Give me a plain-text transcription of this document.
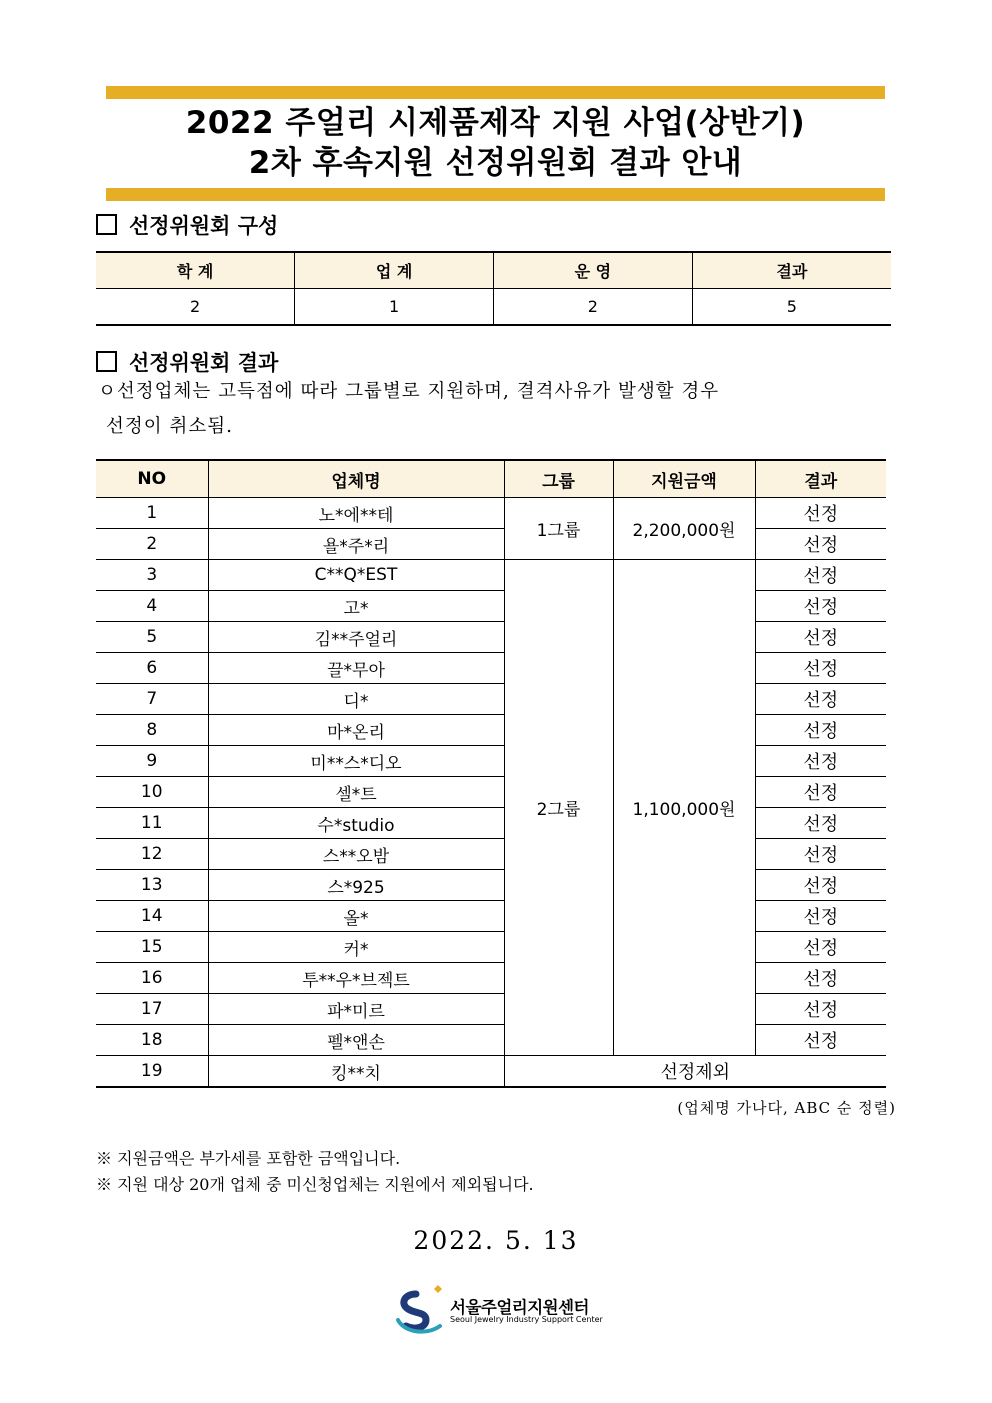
2022 주얼리 시제품제작 지원 사업(상반기)
2차 후속지원 선정위원회 결과 안내
선정위원회 구성
학 계	업 계	운 영	결과
2	1	2	5
선정위원회 결과
ㅇ선정업체는 고득점에 따라 그룹별로 지원하며, 결격사유가 발생할 경우
선정이 취소됨.
NO	업체명	그룹	지원금액	결과
1	노*에**테	1그룹	2,200,000원	선정
2	욜*주*리			선정
3	C**Q*EST	2그룹	1,100,000원	선정
4	고*			선정
5	김**주얼리			선정
6	끌*무아			선정
7	디*			선정
8	마*온리			선정
9	미**스*디오			선정
10	셀*트			선정
11	수*studio			선정
12	스**오밤			선정
13	스*925			선정
14	올*			선정
15	커*			선정
16	투**우*브젝트			선정
17	파*미르			선정
18	펠*앤손			선정
19	킹**치	선정제외		
(업체명 가나다, ABC 순 정렬)
※ 지원금액은 부가세를 포함한 금액입니다.
※ 지원 대상 20개 업체 중 미신청업체는 지원에서 제외됩니다.
2022. 5. 13
서울주얼리지원센터
Seoul Jewelry Industry Support Center
